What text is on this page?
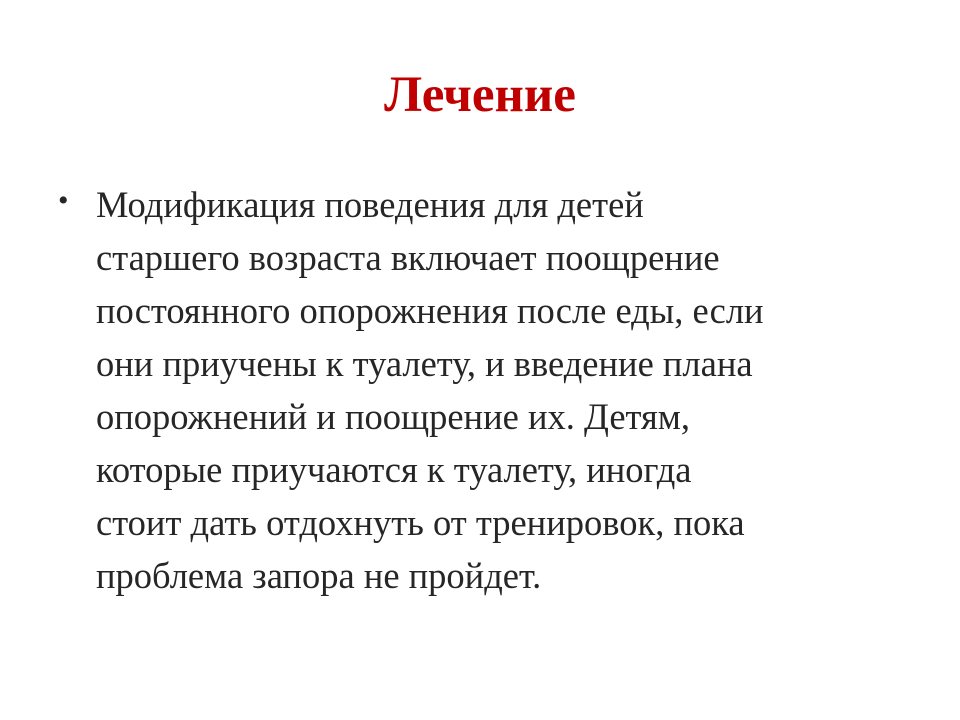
Лечение
• Модификация поведения для детей
старшего возраста включает поощрение
постоянного опорожнения после еды, если
они приучены к туалету, и введение плана
опорожнений и поощрение их. Детям,
которые приучаются к туалету, иногда
стоит дать отдохнуть от тренировок, пока
проблема запора не пройдет.
